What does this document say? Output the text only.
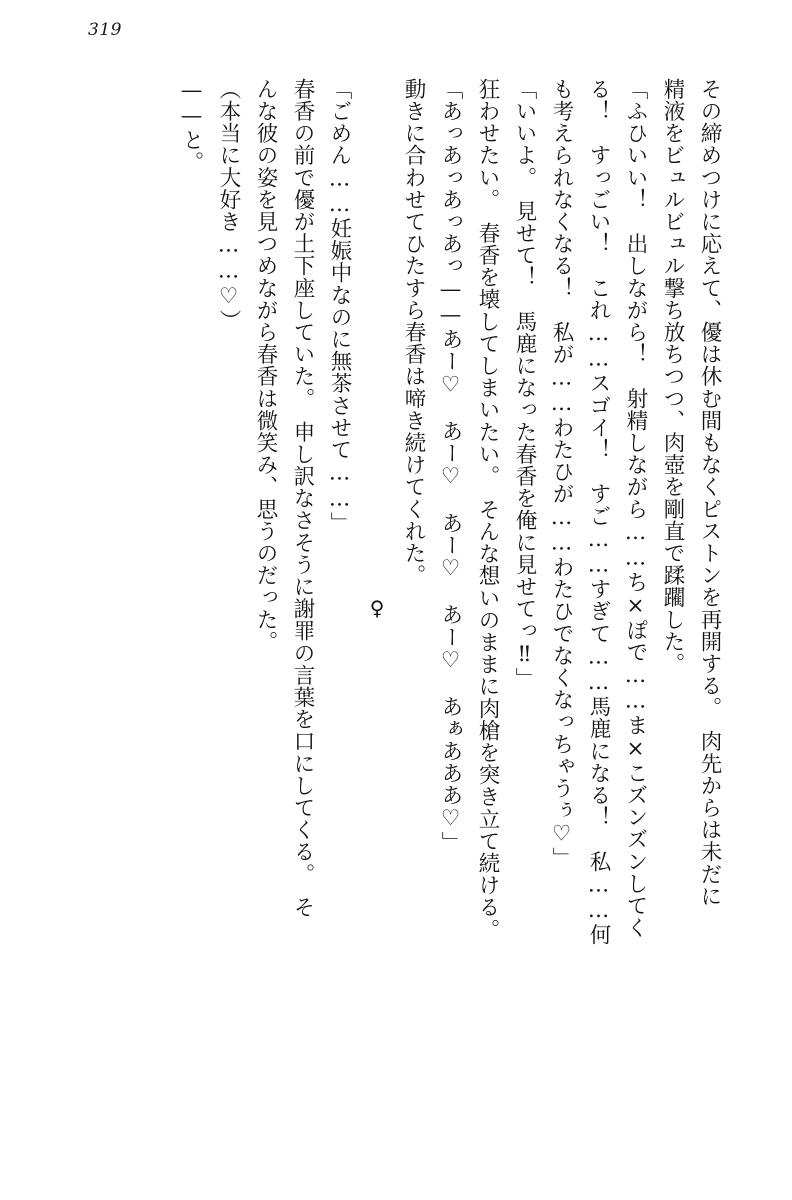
319

その締めつけに応えて、優は休む間もなくピストンを再開する。　肉先からは未だに

精液をビュルビュル撃ち放ちつつ、肉壺を剛直で蹂躙した。

「ふひいい！　出しながら！　射精しながら……ち×ぽで……ま×こズンズンしてく

る！　すっごい！　これ……スゴイ！　すご……すぎて……馬鹿になる！　私……何

も考えられなくなる！　私が……わたひが……わたひでなくなっちゃうぅ♡」

「いいよ。　見せて！　馬鹿になった春香を俺に見せてっ‼」

狂わせたい。　春香を壊してしまいたい。　そんな想いのままに肉槍を突き立て続ける。

「あっあっあっあっ——あー♡　あー♡　あー♡　あー♡　あぁあああ♡」

動きに合わせてひたすら春香は啼き続けてくれた。

♀

「ごめん……妊娠中なのに無茶させて……」

春香の前で優が土下座していた。　申し訳なさそうに謝罪の言葉を口にしてくる。　そ

んな彼の姿を見つめながら春香は微笑み、思うのだった。

（本当に大好き……♡）

——と。
